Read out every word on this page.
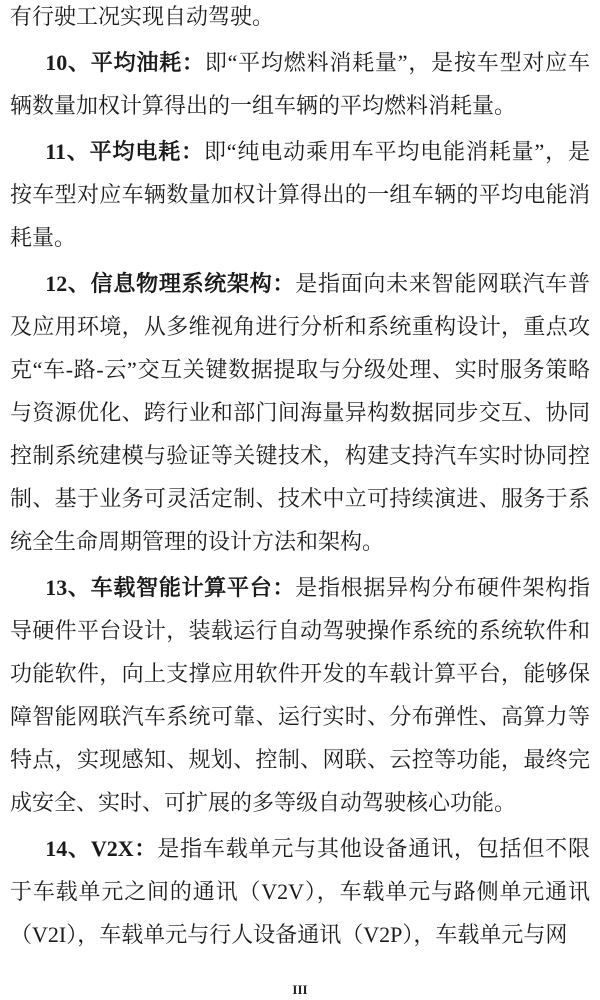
有行驶工况实现自动驾驶。

10、平均油耗：即“平均燃料消耗量”，是按车型对应车辆数量加权计算得出的一组车辆的平均燃料消耗量。

11、平均电耗：即“纯电动乘用车平均电能消耗量”，是按车型对应车辆数量加权计算得出的一组车辆的平均电能消耗量。

12、信息物理系统架构：是指面向未来智能网联汽车普及应用环境，从多维视角进行分析和系统重构设计，重点攻克“车-路-云”交互关键数据提取与分级处理、实时服务策略与资源优化、跨行业和部门间海量异构数据同步交互、协同控制系统建模与验证等关键技术，构建支持汽车实时协同控制、基于业务可灵活定制、技术中立可持续演进、服务于系统全生命周期管理的设计方法和架构。

13、车载智能计算平台：是指根据异构分布硬件架构指导硬件平台设计，装载运行自动驾驶操作系统的系统软件和功能软件，向上支撑应用软件开发的车载计算平台，能够保障智能网联汽车系统可靠、运行实时、分布弹性、高算力等特点，实现感知、规划、控制、网联、云控等功能，最终完成安全、实时、可扩展的多等级自动驾驶核心功能。

14、V2X：是指车载单元与其他设备通讯，包括但不限于车载单元之间的通讯（V2V），车载单元与路侧单元通讯（V2I），车载单元与行人设备通讯（V2P），车载单元与网

III
